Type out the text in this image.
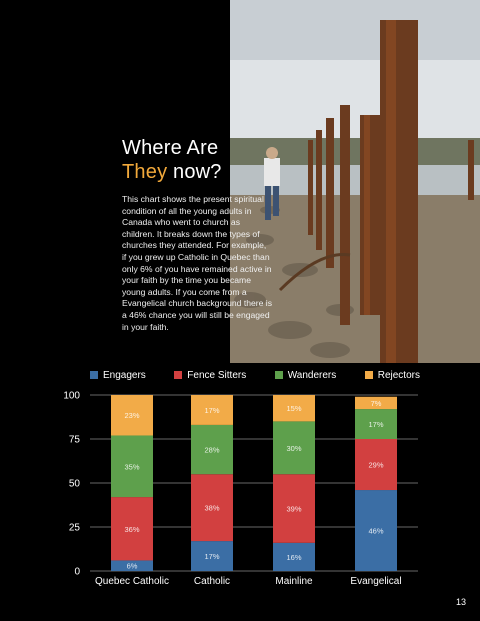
Where Are
They now?
This chart shows the present spiritual condition of all the young adults in Canada who went to church as children. It breaks down the types of churches they attended. For example, if you grew up Catholic in Quebec than only 6% of you have remained active in your faith by the time you became young adults. If you come from a Evangelical church background there is a 46% chance you will still be engaged in your faith.
Engagers	Fence Sitters	Wanderers	Rejectors
0
25
50
75
100
6%
36%
35%
23%
Quebec Catholic
17%
38%
28%
17%
Catholic
16%
39%
30%
15%
Mainline
46%
29%
17%
7%
Evangelical
13
